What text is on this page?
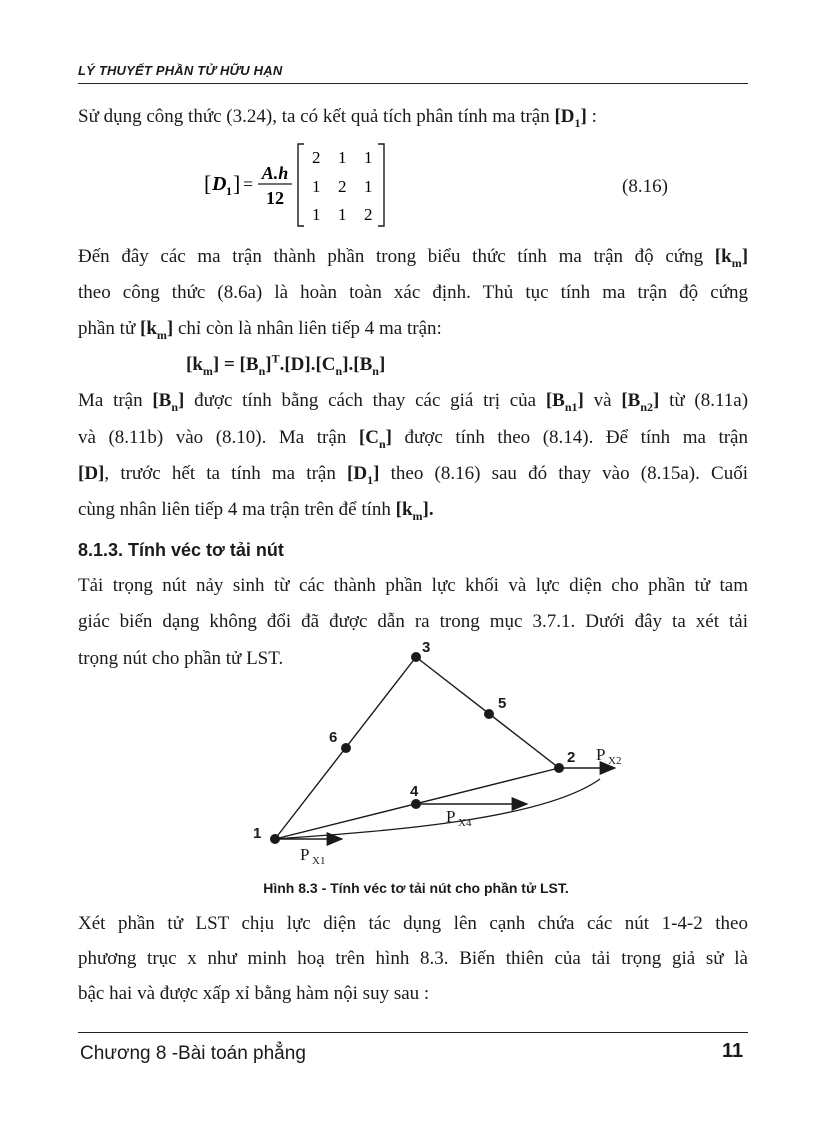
LÝ THUYẾT PHẦN TỬ HỮU HẠN
Sử dụng công thức (3.24), ta có kết quả tích phân tính ma trận $[D_1]$ :
[ D 1 ] =
A.h
12
2 1 1
1 2 1
1 1 2
(8.16)
Đến đây các ma trận thành phần trong biểu thức tính ma trận độ cứng $[k_m]$
theo công thức (8.6a) là hoàn toàn xác định. Thủ tục tính ma trận độ cứng
phần tử $[k_m]$ chỉ còn là nhân liên tiếp 4 ma trận:
$[k_m] = [B_n]^T.[D].[C_n].[B_n]$
Ma trận $[B_n]$ được tính bằng cách thay các giá trị của $[B_{n1}]$ và $[B_{n2}]$ từ (8.11a)
và (8.11b) vào (8.10). Ma trận $[C_n]$ được tính theo (8.14). Để tính ma trận
[D], trước hết ta tính ma trận $[D_1]$ theo (8.16) sau đó thay vào (8.15a). Cuối
cùng nhân liên tiếp 4 ma trận trên để tính $[k_m]$.
8.1.3. Tính véc tơ tải nút
Tải trọng nút nảy sinh từ các thành phần lực khối và lực diện cho phần tử tam
giác biến dạng không đổi đã được dẫn ra trong mục 3.7.1. Dưới đây ta xét tải
trọng nút cho phần tử LST.
1
2
3
4
5
6
P X1
P X4
P X2
Hình 8.3 - Tính véc tơ tải nút cho phần tử LST.
Xét phần tử LST chịu lực diện tác dụng lên cạnh chứa các nút 1-4-2 theo
phương trục x như minh hoạ trên hình 8.3. Biến thiên của tải trọng giả sử là
bậc hai và được xấp xỉ bằng hàm nội suy sau :
Chương 8 -Bài toán phẳng	11
